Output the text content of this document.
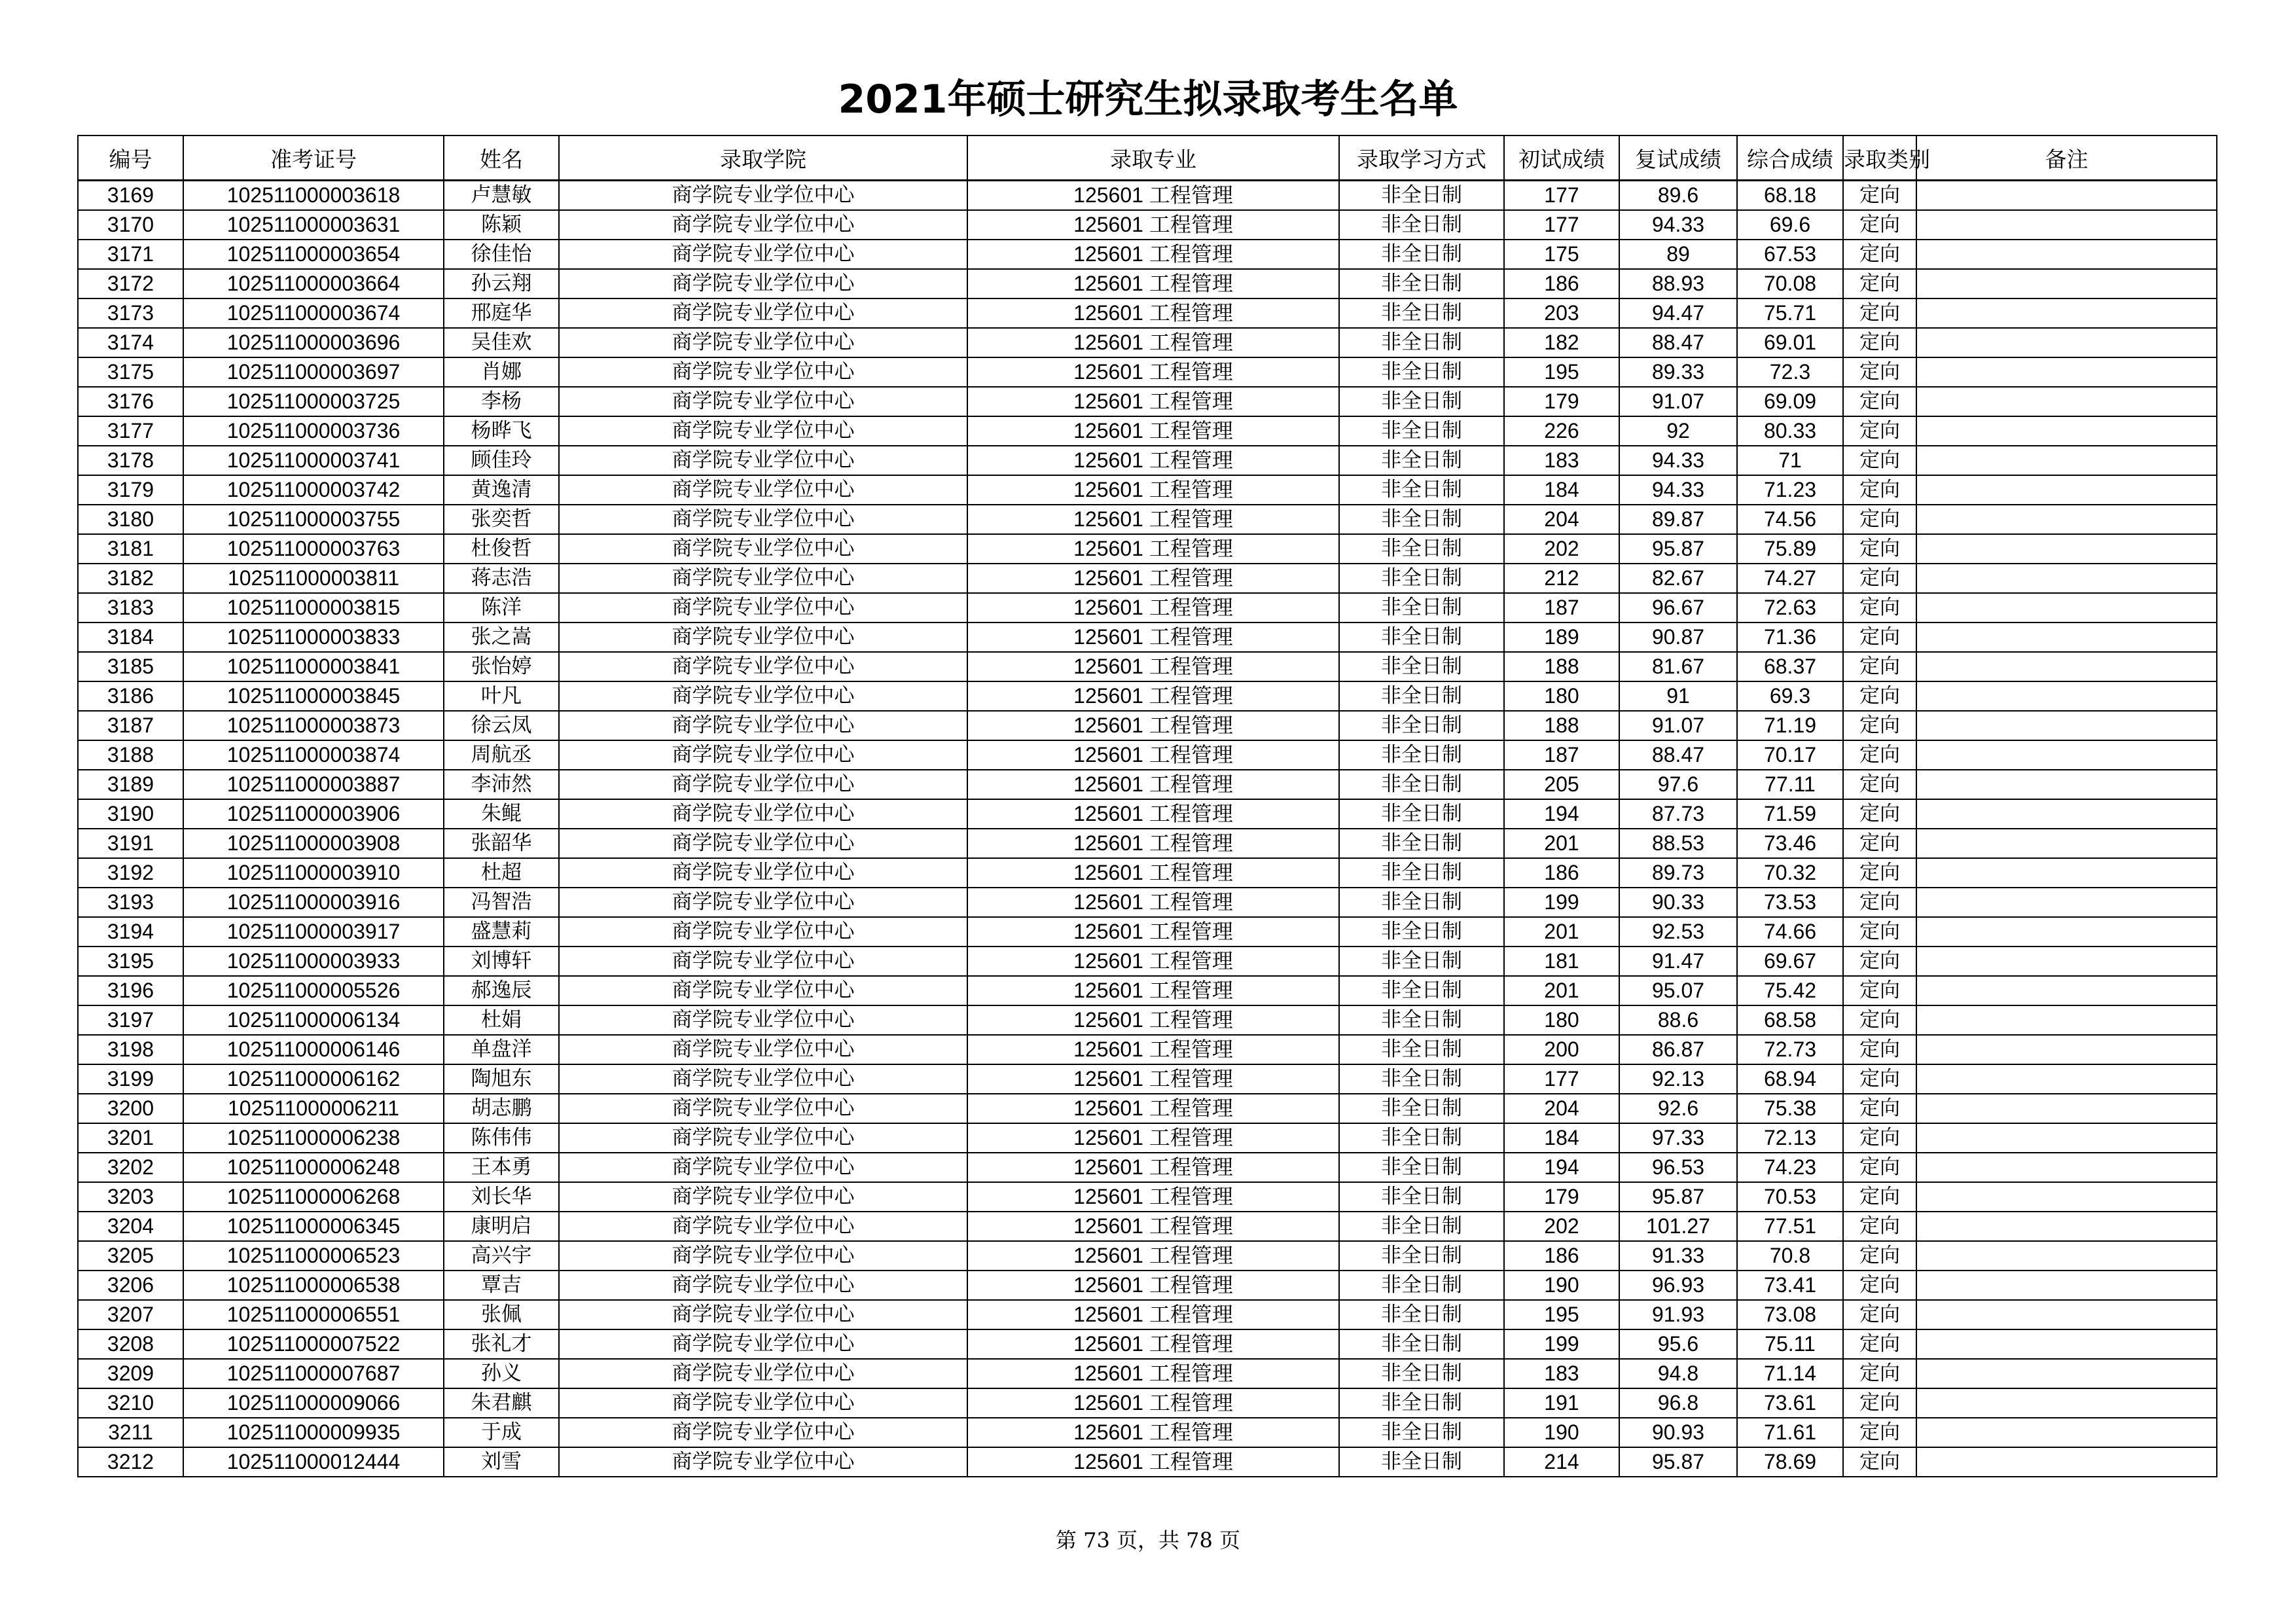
2021年硕士研究生拟录取考生名单
编号	准考证号	姓名	录取学院	录取专业	录取学习方式	初试成绩	复试成绩	综合成绩	录取类别	备注
3169	102511000003618	卢慧敏	商学院专业学位中心	125601 工程管理	非全日制	177	89.6	68.18	定向	
3170	102511000003631	陈颖	商学院专业学位中心	125601 工程管理	非全日制	177	94.33	69.6	定向	
3171	102511000003654	徐佳怡	商学院专业学位中心	125601 工程管理	非全日制	175	89	67.53	定向	
3172	102511000003664	孙云翔	商学院专业学位中心	125601 工程管理	非全日制	186	88.93	70.08	定向	
3173	102511000003674	邢庭华	商学院专业学位中心	125601 工程管理	非全日制	203	94.47	75.71	定向	
3174	102511000003696	吴佳欢	商学院专业学位中心	125601 工程管理	非全日制	182	88.47	69.01	定向	
3175	102511000003697	肖娜	商学院专业学位中心	125601 工程管理	非全日制	195	89.33	72.3	定向	
3176	102511000003725	李杨	商学院专业学位中心	125601 工程管理	非全日制	179	91.07	69.09	定向	
3177	102511000003736	杨晔飞	商学院专业学位中心	125601 工程管理	非全日制	226	92	80.33	定向	
3178	102511000003741	顾佳玲	商学院专业学位中心	125601 工程管理	非全日制	183	94.33	71	定向	
3179	102511000003742	黄逸清	商学院专业学位中心	125601 工程管理	非全日制	184	94.33	71.23	定向	
3180	102511000003755	张奕哲	商学院专业学位中心	125601 工程管理	非全日制	204	89.87	74.56	定向	
3181	102511000003763	杜俊哲	商学院专业学位中心	125601 工程管理	非全日制	202	95.87	75.89	定向	
3182	102511000003811	蒋志浩	商学院专业学位中心	125601 工程管理	非全日制	212	82.67	74.27	定向	
3183	102511000003815	陈洋	商学院专业学位中心	125601 工程管理	非全日制	187	96.67	72.63	定向	
3184	102511000003833	张之嵩	商学院专业学位中心	125601 工程管理	非全日制	189	90.87	71.36	定向	
3185	102511000003841	张怡婷	商学院专业学位中心	125601 工程管理	非全日制	188	81.67	68.37	定向	
3186	102511000003845	叶凡	商学院专业学位中心	125601 工程管理	非全日制	180	91	69.3	定向	
3187	102511000003873	徐云凤	商学院专业学位中心	125601 工程管理	非全日制	188	91.07	71.19	定向	
3188	102511000003874	周航丞	商学院专业学位中心	125601 工程管理	非全日制	187	88.47	70.17	定向	
3189	102511000003887	李沛然	商学院专业学位中心	125601 工程管理	非全日制	205	97.6	77.11	定向	
3190	102511000003906	朱鲲	商学院专业学位中心	125601 工程管理	非全日制	194	87.73	71.59	定向	
3191	102511000003908	张韶华	商学院专业学位中心	125601 工程管理	非全日制	201	88.53	73.46	定向	
3192	102511000003910	杜超	商学院专业学位中心	125601 工程管理	非全日制	186	89.73	70.32	定向	
3193	102511000003916	冯智浩	商学院专业学位中心	125601 工程管理	非全日制	199	90.33	73.53	定向	
3194	102511000003917	盛慧莉	商学院专业学位中心	125601 工程管理	非全日制	201	92.53	74.66	定向	
3195	102511000003933	刘博轩	商学院专业学位中心	125601 工程管理	非全日制	181	91.47	69.67	定向	
3196	102511000005526	郝逸辰	商学院专业学位中心	125601 工程管理	非全日制	201	95.07	75.42	定向	
3197	102511000006134	杜娟	商学院专业学位中心	125601 工程管理	非全日制	180	88.6	68.58	定向	
3198	102511000006146	单盘洋	商学院专业学位中心	125601 工程管理	非全日制	200	86.87	72.73	定向	
3199	102511000006162	陶旭东	商学院专业学位中心	125601 工程管理	非全日制	177	92.13	68.94	定向	
3200	102511000006211	胡志鹏	商学院专业学位中心	125601 工程管理	非全日制	204	92.6	75.38	定向	
3201	102511000006238	陈伟伟	商学院专业学位中心	125601 工程管理	非全日制	184	97.33	72.13	定向	
3202	102511000006248	王本勇	商学院专业学位中心	125601 工程管理	非全日制	194	96.53	74.23	定向	
3203	102511000006268	刘长华	商学院专业学位中心	125601 工程管理	非全日制	179	95.87	70.53	定向	
3204	102511000006345	康明启	商学院专业学位中心	125601 工程管理	非全日制	202	101.27	77.51	定向	
3205	102511000006523	高兴宇	商学院专业学位中心	125601 工程管理	非全日制	186	91.33	70.8	定向	
3206	102511000006538	覃吉	商学院专业学位中心	125601 工程管理	非全日制	190	96.93	73.41	定向	
3207	102511000006551	张佩	商学院专业学位中心	125601 工程管理	非全日制	195	91.93	73.08	定向	
3208	102511000007522	张礼才	商学院专业学位中心	125601 工程管理	非全日制	199	95.6	75.11	定向	
3209	102511000007687	孙义	商学院专业学位中心	125601 工程管理	非全日制	183	94.8	71.14	定向	
3210	102511000009066	朱君麒	商学院专业学位中心	125601 工程管理	非全日制	191	96.8	73.61	定向	
3211	102511000009935	于成	商学院专业学位中心	125601 工程管理	非全日制	190	90.93	71.61	定向	
3212	102511000012444	刘雪	商学院专业学位中心	125601 工程管理	非全日制	214	95.87	78.69	定向	
第 73 页，共 78 页
